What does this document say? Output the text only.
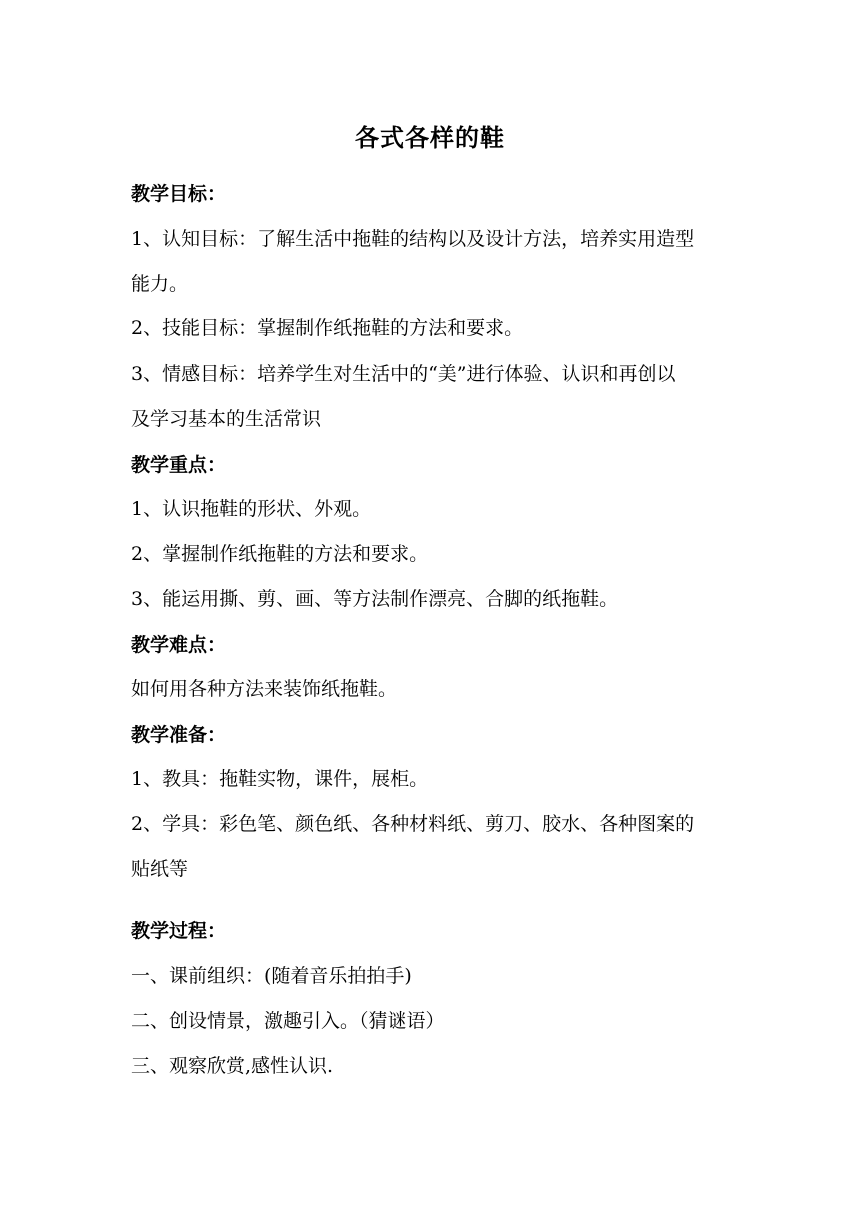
各式各样的鞋
教学目标：
1、认知目标：了解生活中拖鞋的结构以及设计方法，培养实用造型
能力。
2、技能目标：掌握制作纸拖鞋的方法和要求。
3、情感目标：培养学生对生活中的“美”进行体验、认识和再创以
及学习基本的生活常识
教学重点：
1、认识拖鞋的形状、外观。
2、掌握制作纸拖鞋的方法和要求。
3、能运用撕、剪、画、等方法制作漂亮、合脚的纸拖鞋。
教学难点：
如何用各种方法来装饰纸拖鞋。
教学准备：
1、教具：拖鞋实物，课件，展柜。
2、学具：彩色笔、颜色纸、各种材料纸、剪刀、胶水、各种图案的
贴纸等
教学过程：
一、课前组织：(随着音乐拍拍手)
二、创设情景，激趣引入。（猜谜语）
三、观察欣赏,感性认识.
